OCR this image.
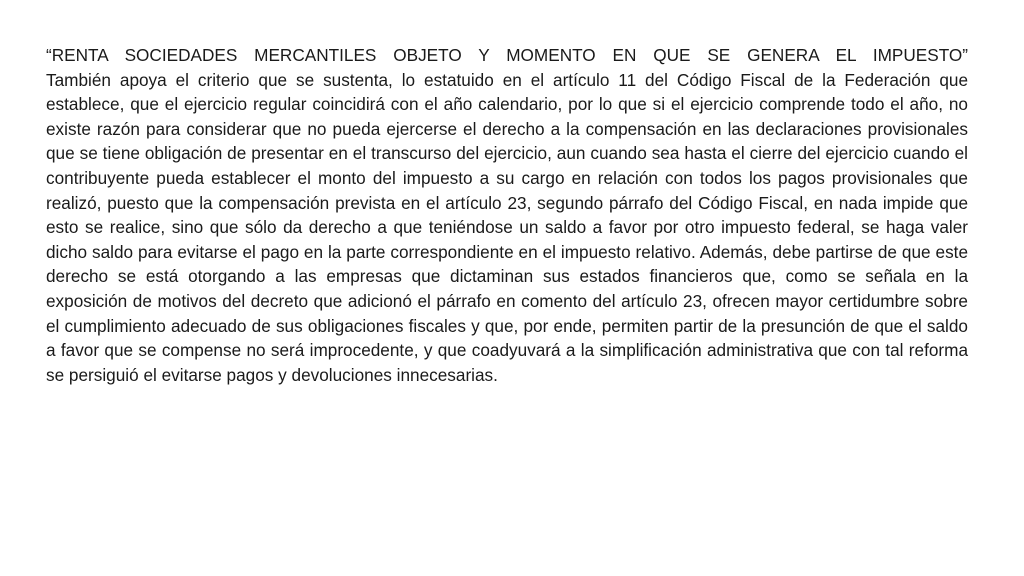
“RENTA SOCIEDADES MERCANTILES OBJETO Y MOMENTO EN QUE SE GENERA EL IMPUESTO”

También apoya el criterio que se sustenta, lo estatuido en el artículo 11 del Código Fiscal de la Federación que establece, que el ejercicio regular coincidirá con el año calendario, por lo que si el ejercicio comprende todo el año, no existe razón para considerar que no pueda ejercerse el derecho a la compensación en las declaraciones provisionales que se tiene obligación de presentar en el transcurso del ejercicio, aun cuando sea hasta el cierre del ejercicio cuando el contribuyente pueda establecer el monto del impuesto a su cargo en relación con todos los pagos provisionales que realizó, puesto que la compensación prevista en el artículo 23, segundo párrafo del Código Fiscal, en nada impide que esto se realice, sino que sólo da derecho a que teniéndose un saldo a favor por otro impuesto federal, se haga valer dicho saldo para evitarse el pago en la parte correspondiente en el impuesto relativo. Además, debe partirse de que este derecho se está otorgando a las empresas que dictaminan sus estados financieros que, como se señala en la exposición de motivos del decreto que adicionó el párrafo en comento del artículo 23, ofrecen mayor certidumbre sobre el cumplimiento adecuado de sus obligaciones fiscales y que, por ende, permiten partir de la presunción de que el saldo a favor que se compense no será improcedente, y que coadyuvará a la simplificación administrativa que con tal reforma se persiguió el evitarse pagos y devoluciones innecesarias.
